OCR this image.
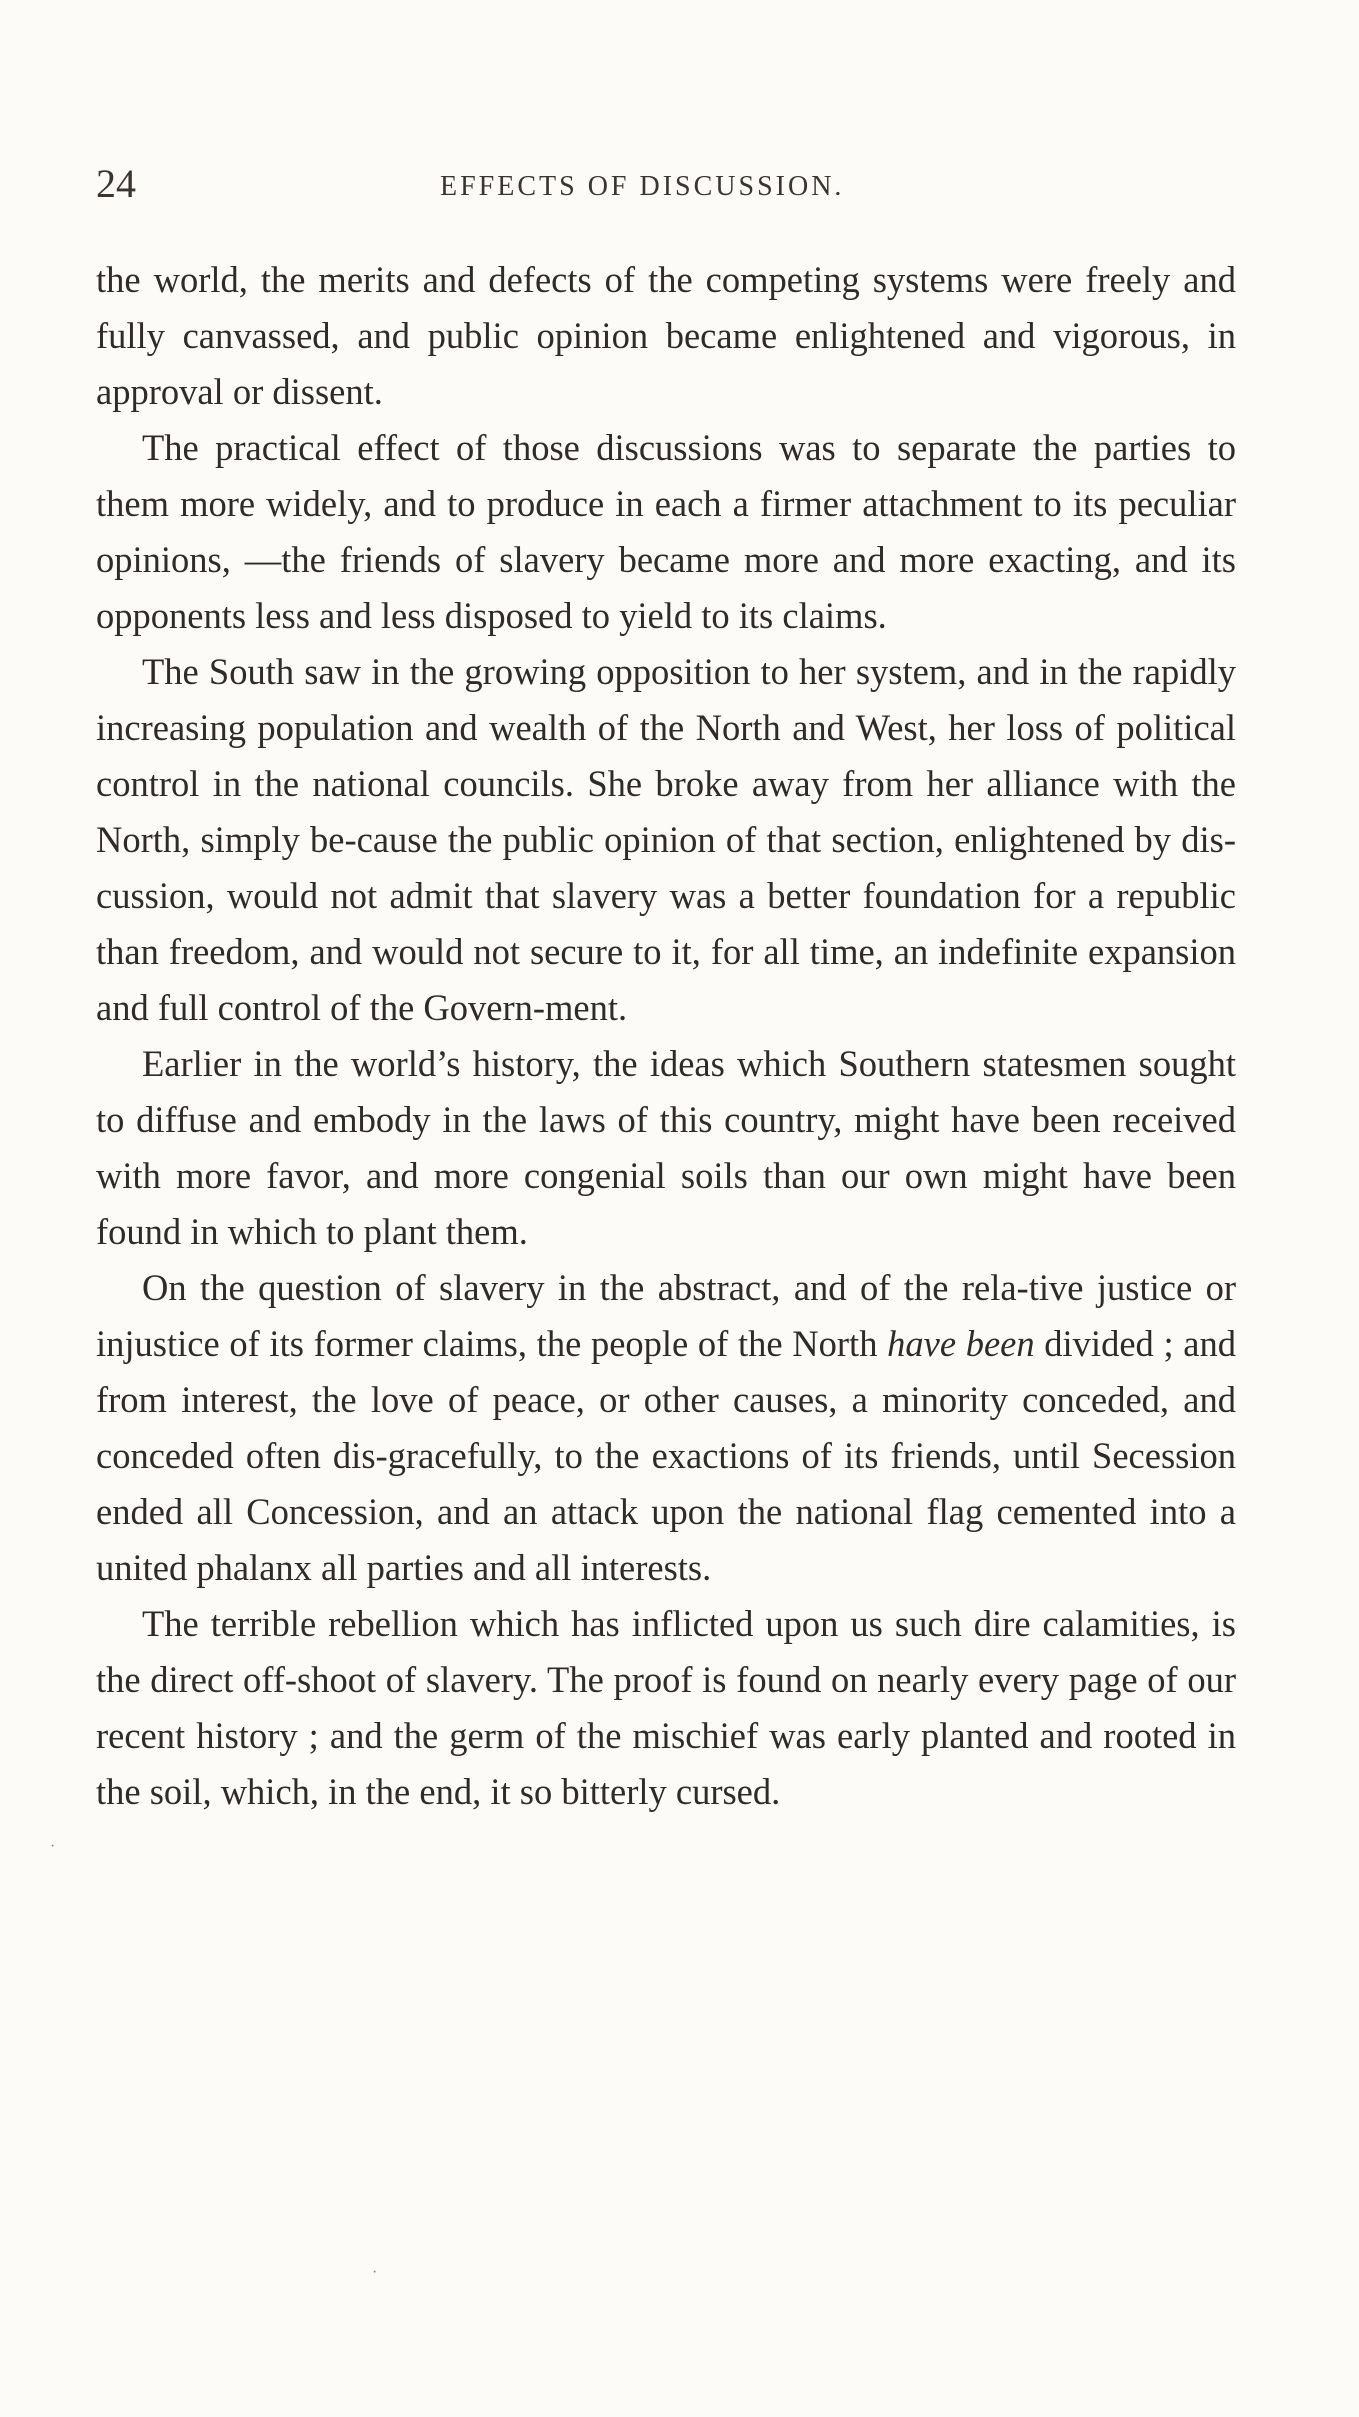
24	EFFECTS OF DISCUSSION.

the world, the merits and defects of the competing systems were freely and fully canvassed, and public opinion became enlightened and vigorous, in approval or dissent.

The practical effect of those discussions was to separate the parties to them more widely, and to produce in each a firmer attachment to its peculiar opinions, —the friends of slavery became more and more exacting, and its opponents less and less disposed to yield to its claims.

The South saw in the growing opposition to her system, and in the rapidly increasing population and wealth of the North and West, her loss of political control in the national councils. She broke away from her alliance with the North, simply be-cause the public opinion of that section, enlightened by dis-cussion, would not admit that slavery was a better foundation for a republic than freedom, and would not secure to it, for all time, an indefinite expansion and full control of the Govern-ment.

Earlier in the world’s history, the ideas which Southern statesmen sought to diffuse and embody in the laws of this country, might have been received with more favor, and more congenial soils than our own might have been found in which to plant them.

On the question of slavery in the abstract, and of the rela-tive justice or injustice of its former claims, the people of the North have been divided ; and from interest, the love of peace, or other causes, a minority conceded, and conceded often dis-gracefully, to the exactions of its friends, until Secession ended all Concession, and an attack upon the national flag cemented into a united phalanx all parties and all interests.

The terrible rebellion which has inflicted upon us such dire calamities, is the direct off-shoot of slavery. The proof is found on nearly every page of our recent history ; and the germ of the mischief was early planted and rooted in the soil, which, in the end, it so bitterly cursed.

·
·
